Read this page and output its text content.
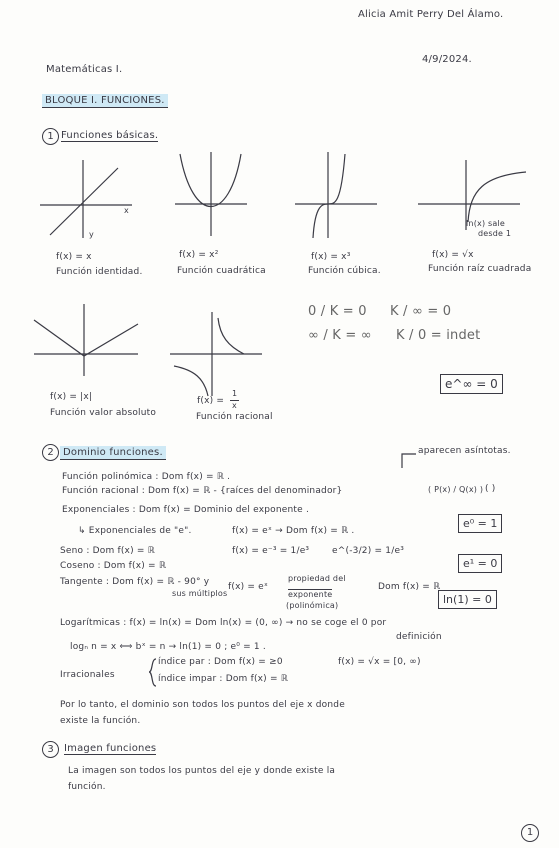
Alicia Amit Perry Del Álamo.
Matemáticas I.
4/9/2024.
BLOQUE I. FUNCIONES.
1 Funciones básicas.
x
y
f(x) = x
Función identidad.
f(x) = x²
Función cuadrática
f(x) = x³
Función cúbica.
ln(x) sale
desde 1
f(x) = √x
Función raíz cuadrada
f(x) = |x|
Función valor absoluto
f(x) =
1
x
Función racional
0 / K = 0 K / ∞ = 0
∞ / K = ∞ K / 0 = indet
e^∞ = 0
2 Dominio funciones.	aparecen asíntotas.
Función polinómica : Dom f(x) = ℝ .
Función racional : Dom f(x) = ℝ - {raíces del denominador}	( P(x) / Q(x) ) ( )
Exponenciales : Dom f(x) = Dominio del exponente .
↳ Exponenciales de "e".	f(x) = eˣ → Dom f(x) = ℝ .
e⁰ = 1
Seno : Dom f(x) = ℝ	f(x) = e⁻³ = 1/e³	e^(-3/2) = 1/e³
Coseno : Dom f(x) = ℝ	e¹ = 0
Tangente : Dom f(x) = ℝ - 90° y
sus múltiplos
f(x) = eˣ
propiedad del
exponente
(polinómica)
Dom f(x) = ℝ
ln(1) = 0
Logarítmicas : f(x) = ln(x) = Dom ln(x) = (0, ∞) → no se coge el 0 por
definición
logₙ n = x ⟺ bˣ = n → ln(1) = 0 ; e⁰ = 1 .
Irracionales
índice par : Dom f(x) = ≥0	f(x) = √x = [0, ∞)
índice impar : Dom f(x) = ℝ
Por lo tanto, el dominio son todos los puntos del eje x donde
existe la función.
3	Imagen funciones
La imagen son todos los puntos del eje y donde existe la
función.
1
